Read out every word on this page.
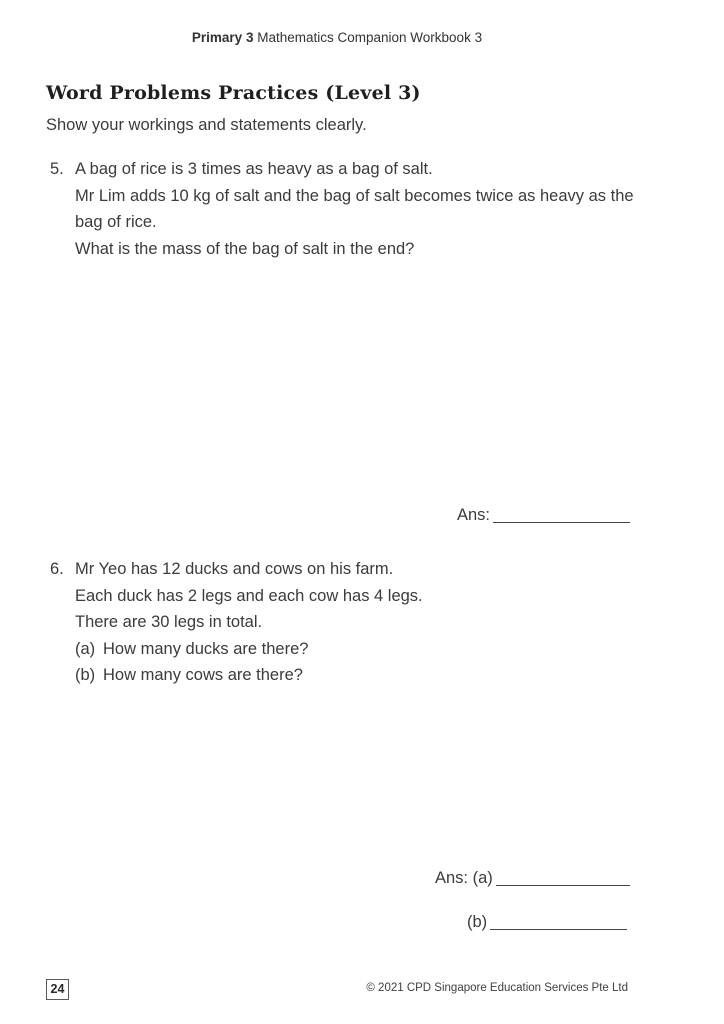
Primary 3 Mathematics Companion Workbook 3
Word Problems Practices (Level 3)

Show your workings and statements clearly.

5. A bag of rice is 3 times as heavy as a bag of salt.
Mr Lim adds 10 kg of salt and the bag of salt becomes twice as heavy as the
bag of rice.
What is the mass of the bag of salt in the end?
Ans:
6. Mr Yeo has 12 ducks and cows on his farm.
Each duck has 2 legs and each cow has 4 legs.
There are 30 legs in total.
(a) How many ducks are there?
(b) How many cows are there?
Ans: (a)
(b)
24	© 2021 CPD Singapore Education Services Pte Ltd
